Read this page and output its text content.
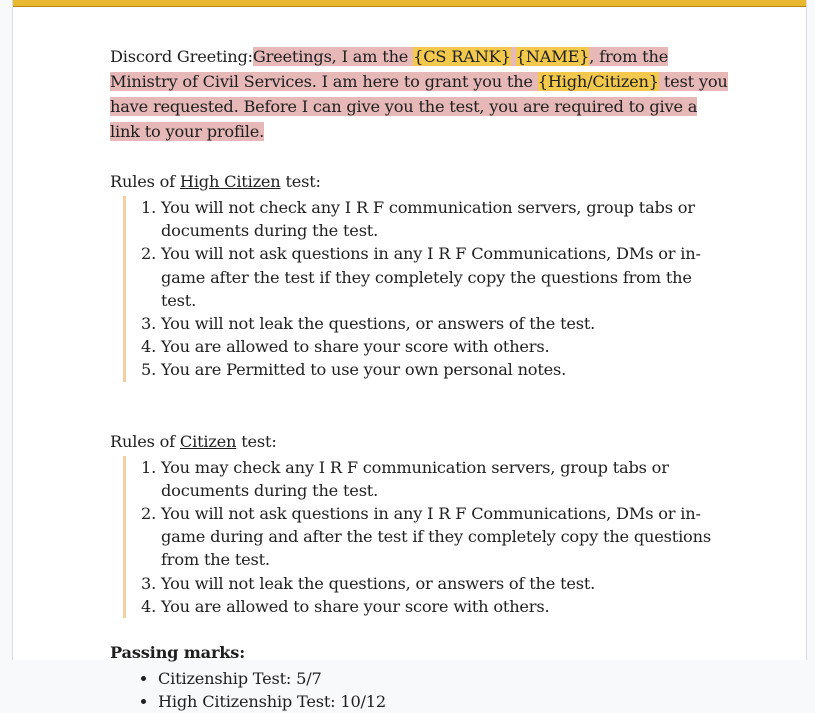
Discord Greeting:Greetings, I am the {CS RANK} {NAME}, from the Ministry of Civil Services. I am here to grant you the {High/Citizen} test you have requested. Before I can give you the test, you are required to give a link to your profile.

Rules of High Citizen test:

1. You will not check any I R F communication servers, group tabs or documents during the test.
2. You will not ask questions in any I R F Communications, DMs or in-game after the test if they completely copy the questions from the test.
3. You will not leak the questions, or answers of the test.
4. You are allowed to share your score with others.
5. You are Permitted to use your own personal notes.

Rules of Citizen test:

1. You may check any I R F communication servers, group tabs or documents during the test.
2. You will not ask questions in any I R F Communications, DMs or in-game during and after the test if they completely copy the questions from the test.
3. You will not leak the questions, or answers of the test.
4. You are allowed to share your score with others.

Passing marks:

• Citizenship Test: 5/7
• High Citizenship Test: 10/12
